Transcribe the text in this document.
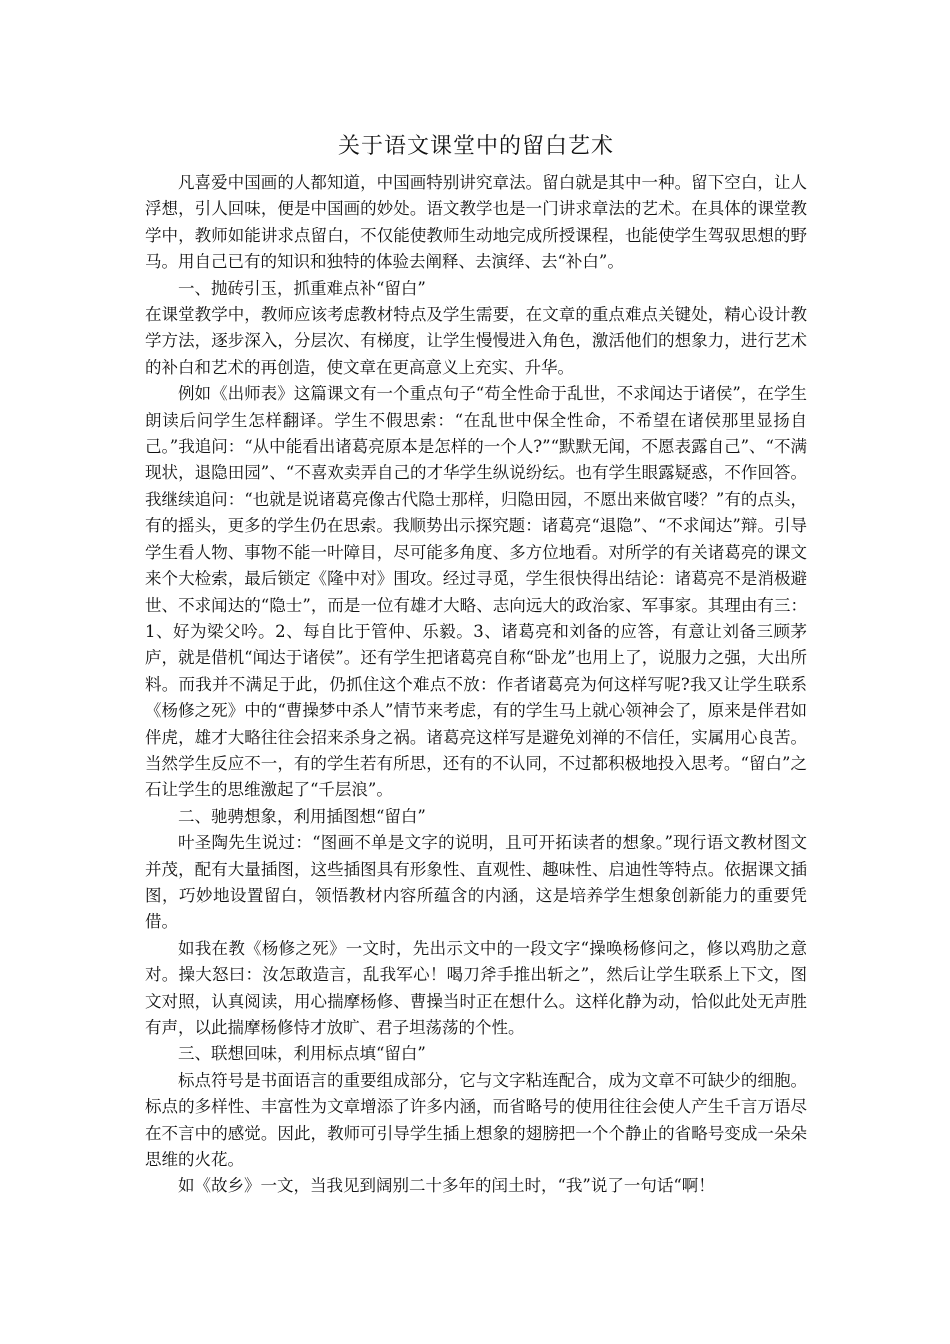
关于语文课堂中的留白艺术

凡喜爱中国画的人都知道，中国画特别讲究章法。留白就是其中一种。留下空白，让人浮想，引人回味，便是中国画的妙处。语文教学也是一门讲求章法的艺术。在具体的课堂教学中，教师如能讲求点留白，不仅能使教师生动地完成所授课程，也能使学生驾驭思想的野马。用自己已有的知识和独特的体验去阐释、去演绎、去“补白”。

一、抛砖引玉，抓重难点补“留白”

在课堂教学中，教师应该考虑教材特点及学生需要，在文章的重点难点关键处，精心设计教学方法，逐步深入，分层次、有梯度，让学生慢慢进入角色，激活他们的想象力，进行艺术的补白和艺术的再创造，使文章在更高意义上充实、升华。

例如《出师表》这篇课文有一个重点句子“苟全性命于乱世，不求闻达于诸侯”，在学生朗读后问学生怎样翻译。学生不假思索：“在乱世中保全性命，不希望在诸侯那里显扬自己。”我追问：“从中能看出诸葛亮原本是怎样的一个人?”“默默无闻，不愿表露自己”、“不满现状，退隐田园”、“不喜欢卖弄自己的才华学生纵说纷纭。也有学生眼露疑惑，不作回答。我继续追问：“也就是说诸葛亮像古代隐士那样，归隐田园，不愿出来做官喽？”有的点头，有的摇头，更多的学生仍在思索。我顺势出示探究题：诸葛亮“退隐”、“不求闻达”辩。引导学生看人物、事物不能一叶障目，尽可能多角度、多方位地看。对所学的有关诸葛亮的课文来个大检索，最后锁定《隆中对》围攻。经过寻觅，学生很快得出结论：诸葛亮不是消极避世、不求闻达的“隐士”，而是一位有雄才大略、志向远大的政治家、军事家。其理由有三：1、好为梁父吟。2、每自比于管仲、乐毅。3、诸葛亮和刘备的应答，有意让刘备三顾茅庐，就是借机“闻达于诸侯”。还有学生把诸葛亮自称“卧龙”也用上了，说服力之强，大出所料。而我并不满足于此，仍抓住这个难点不放：作者诸葛亮为何这样写呢?我又让学生联系《杨修之死》中的“曹操梦中杀人”情节来考虑，有的学生马上就心领神会了，原来是伴君如伴虎，雄才大略往往会招来杀身之祸。诸葛亮这样写是避免刘禅的不信任，实属用心良苦。当然学生反应不一，有的学生若有所思，还有的不认同，不过都积极地投入思考。“留白”之石让学生的思维激起了“千层浪”。

二、驰骋想象，利用插图想“留白”

叶圣陶先生说过：“图画不单是文字的说明，且可开拓读者的想象。”现行语文教材图文并茂，配有大量插图，这些插图具有形象性、直观性、趣味性、启迪性等特点。依据课文插图，巧妙地设置留白，领悟教材内容所蕴含的内涵，这是培养学生想象创新能力的重要凭借。

如我在教《杨修之死》一文时，先出示文中的一段文字“操唤杨修问之，修以鸡肋之意对。操大怒曰：汝怎敢造言，乱我军心！喝刀斧手推出斩之”，然后让学生联系上下文，图文对照，认真阅读，用心揣摩杨修、曹操当时正在想什么。这样化静为动，恰似此处无声胜有声，以此揣摩杨修恃才放旷、君子坦荡荡的个性。

三、联想回味，利用标点填“留白”

标点符号是书面语言的重要组成部分，它与文字粘连配合，成为文章不可缺少的细胞。标点的多样性、丰富性为文章增添了许多内涵，而省略号的使用往往会使人产生千言万语尽在不言中的感觉。因此，教师可引导学生插上想象的翅膀把一个个静止的省略号变成一朵朵思维的火花。

如《故乡》一文，当我见到阔别二十多年的闰土时，“我”说了一句话“啊！
